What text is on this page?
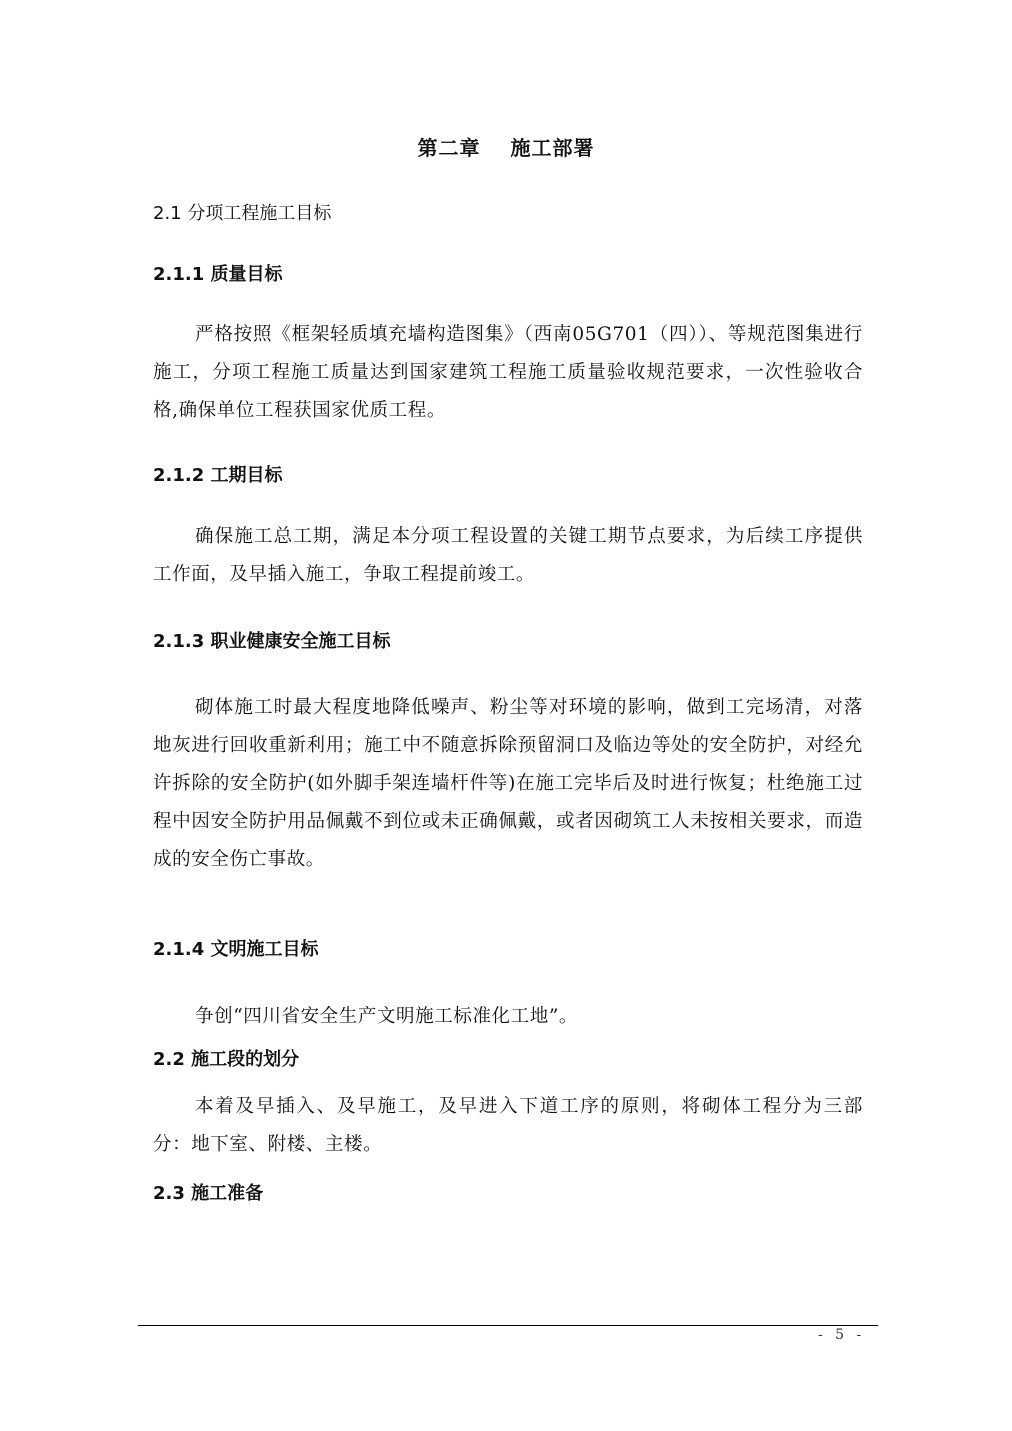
第二章 施工部署
2.1 分项工程施工目标
2.1.1 质量目标
严格按照《框架轻质填充墙构造图集》（西南05G701（四））、等规范图集进行施工，分项工程施工质量达到国家建筑工程施工质量验收规范要求，一次性验收合格,确保单位工程获国家优质工程。
2.1.2 工期目标
确保施工总工期，满足本分项工程设置的关键工期节点要求，为后续工序提供工作面，及早插入施工，争取工程提前竣工。
2.1.3 职业健康安全施工目标
砌体施工时最大程度地降低噪声、粉尘等对环境的影响，做到工完场清，对落地灰进行回收重新利用；施工中不随意拆除预留洞口及临边等处的安全防护，对经允许拆除的安全防护(如外脚手架连墙杆件等)在施工完毕后及时进行恢复；杜绝施工过程中因安全防护用品佩戴不到位或未正确佩戴，或者因砌筑工人未按相关要求，而造成的安全伤亡事故。
2.1.4 文明施工目标
争创“四川省安全生产文明施工标准化工地”。
2.2 施工段的划分
本着及早插入、及早施工，及早进入下道工序的原则，将砌体工程分为三部分：地下室、附楼、主楼。
2.3 施工准备
- 5 -
